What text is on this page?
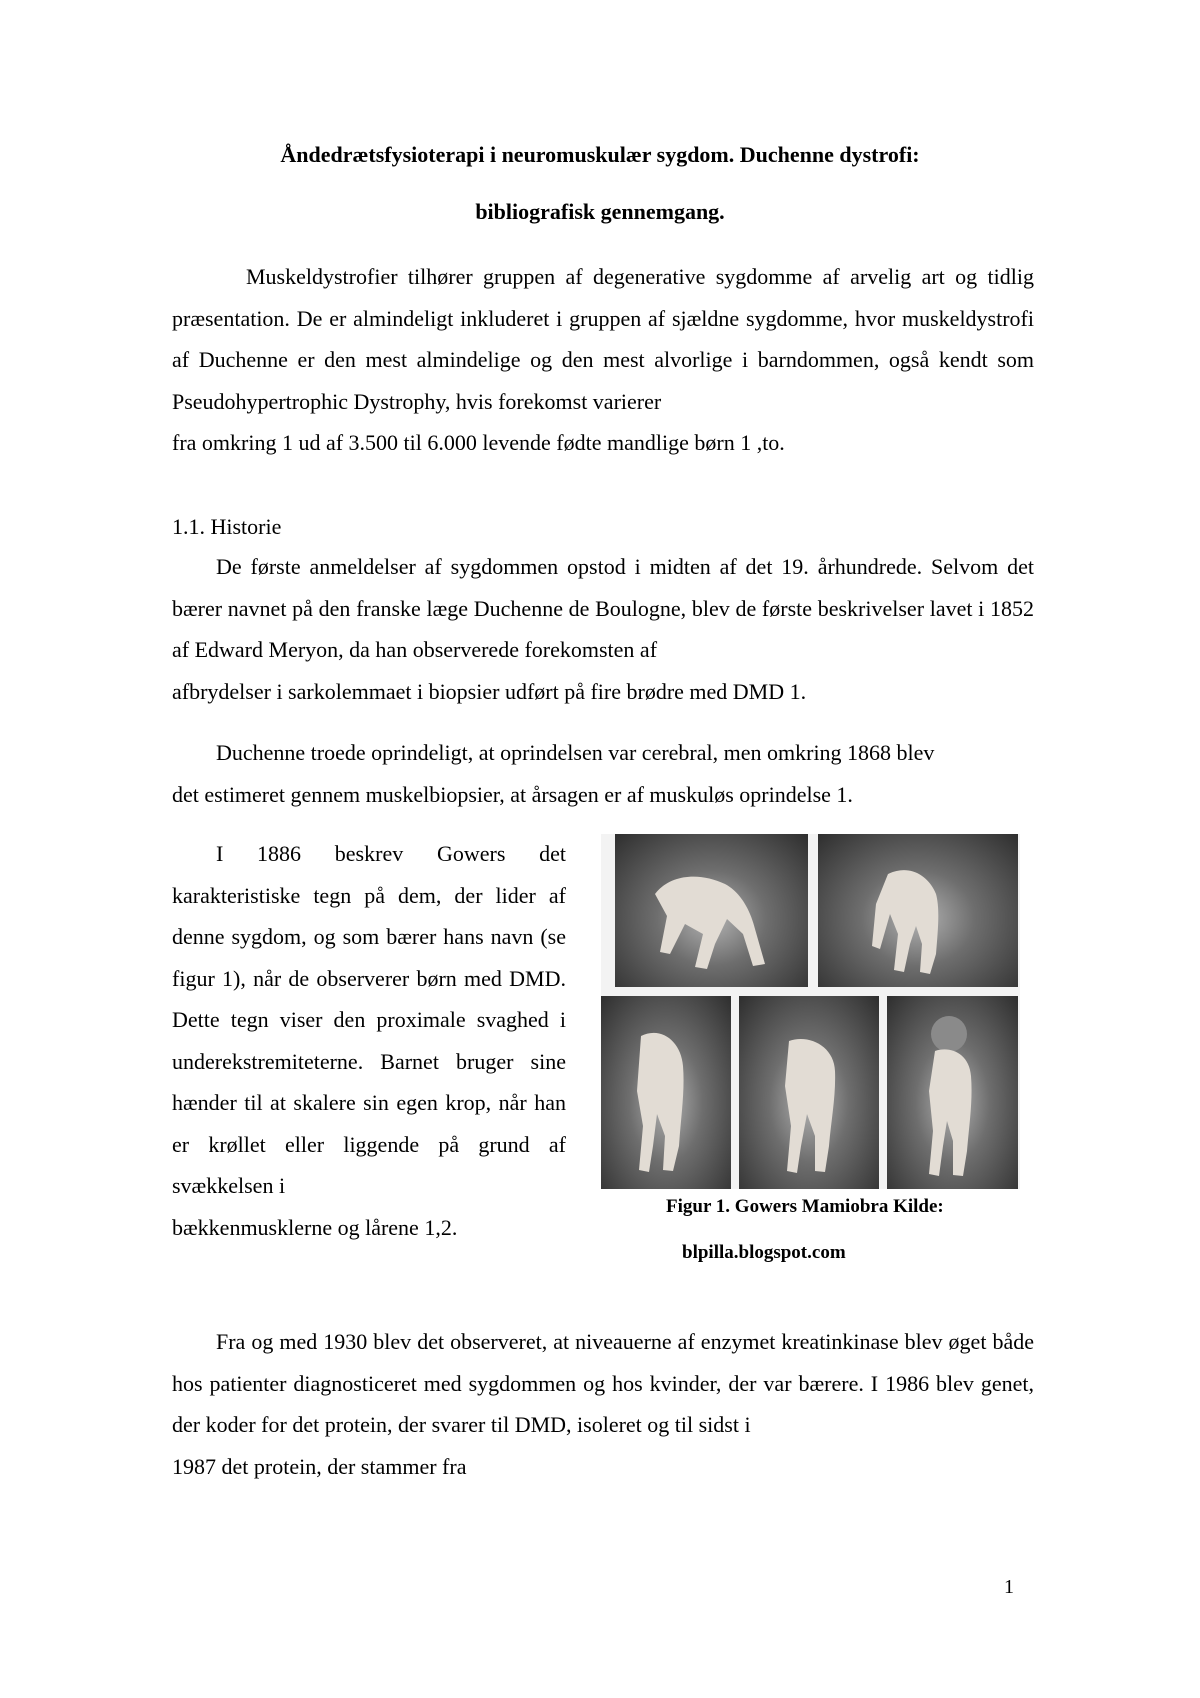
Åndedrætsfysioterapi i neuromuskulær sygdom. Duchenne dystrofi:
bibliografisk gennemgang.
Muskeldystrofier tilhører gruppen af degenerative sygdomme af arvelig art og tidlig præsentation. De er almindeligt inkluderet i gruppen af sjældne sygdomme, hvor muskeldystrofi af Duchenne er den mest almindelige og den mest alvorlige i barndommen, også kendt som Pseudohypertrophic Dystrophy, hvis forekomst varierer
fra omkring 1 ud af 3.500 til 6.000 levende fødte mandlige børn 1 ,to.
1.1. Historie
De første anmeldelser af sygdommen opstod i midten af det 19. århundrede. Selvom det bærer navnet på den franske læge Duchenne de Boulogne, blev de første beskrivelser lavet i 1852 af Edward Meryon, da han observerede forekomsten af
afbrydelser i sarkolemmaet i biopsier udført på fire brødre med DMD 1.
Duchenne troede oprindeligt, at oprindelsen var cerebral, men omkring 1868 blev
det estimeret gennem muskelbiopsier, at årsagen er af muskuløs oprindelse 1.
I 1886 beskrev Gowers det karakteristiske tegn på dem, der lider af denne sygdom, og som bærer hans navn (se figur 1), når de observerer børn med DMD. Dette tegn viser den proximale svaghed i underekstremiteterne. Barnet bruger sine hænder til at skalere sin egen krop, når han er krøllet eller liggende på grund af svækkelsen i
bækkenmusklerne og lårene 1,2.
Figur 1. Gowers Mamiobra Kilde:
blpilla.blogspot.com
Fra og med 1930 blev det observeret, at niveauerne af enzymet kreatinkinase blev øget både hos patienter diagnosticeret med sygdommen og hos kvinder, der var bærere. I 1986 blev genet, der koder for det protein, der svarer til DMD, isoleret og til sidst i
1987 det protein, der stammer fra
1
